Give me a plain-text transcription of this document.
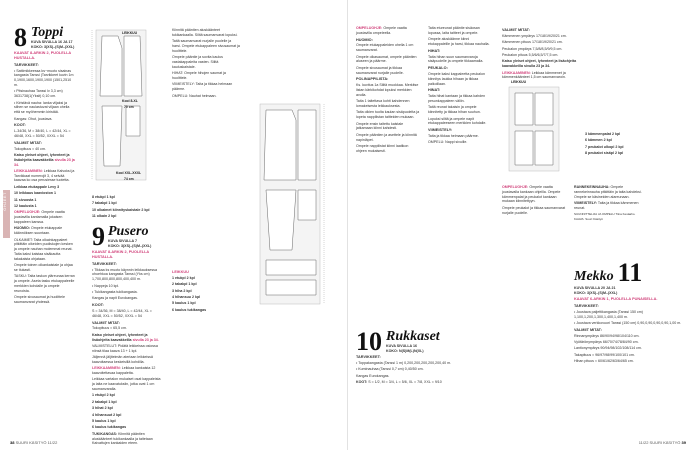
OHJEET
8 Toppi
KUVA SIVULLA 16 JA 17
KOKO: 3(XS)–(S)M–(XXL)
KAAVAT 8-ARKIN 2, PUOLELLA HUSTALLA.
TARVIKKEET:

• Sattimikkeessa ks−muoto sisainas kangasta Tanssi (Tarvikkeet kuvin 1m 0,1900,1600,1900,1900 (1501,2510 m.

• Pitsinauhaa Tanssi lv 3,3 cm) 3631738(1(Yksit) 0,10 cm.

• Kiristävä nauha: lanka viljaksi ja siihen se naulastuvat viljaan ohella että se myöhemmin kiristää.

Kangas: Ohut, joustava.

KOOT:

L-34/36, M = 38/40, L = 42/44, XL = 46/48, XXL = 50/52, XXXL = 54

VALMIIT MITAT:

Tokopituus ≈ 40 cm.

Katso yleiset ohjeet, lyhenteet ja lisäohjeita kaavakkeilla sivulla 23 ja 34.

LEIKKAAMINEN: Leikkaa Kalvoksi ja Tarvikkaat numerojit 3, 4 selvää kaavaa ko osa perusiesse tuotetta.

Leikkaa etukappale Levy 3

10 leikkaus kaavioston 1

11 sivuosta 1

12 kaulusta 1

OMPELUOHJE: Ompele vaatta joustavilla kantamalla jokaisen kappaleen kanssa.

HUOMIO: Ompele etukappale käännöksen suuntaan.

OLKAIMET: Taita olkainkappaleet pitkittäin oikeiden puoliskojen kesken ja ompele nauhan molemmat reunat. Taita kaksi kaistaa sisäkautta takakaista ohjataan.

Ompele toinen olkankaistale ja ohjaa se tiukasti.

TASKU: Taita taskun yläreunaa kerran ja ompele. Aseta tasku etukappaleelle merkkien kohdalle ja ompele reunoista.

Ompele sivusaumat ja huolittele saumanvarat yhdessä.

LEIKKUU
Kool 8-XL
70 cm
Kool XXL-XXXL
74 cm

8 etukpl 1 kpl

7 takakpl 1 kpl

10 olkaimet kiinnityskaistale 2 kpl

11 olkain 2 kpl

9 Pusero
KUVA SIVULLA 7
KOKO: 3(XS)–(S)M–(XXL)
KAAVAT 8-ARKIN 2, PUOLELLA HUSTALLA.
TARVIKKEET:

• Tikkaa ks muoto käynnin leikkauksessa ohuehkoa kangasta Tanssi (Yks cm) 1,700,800,800,800,400,400 m.

• Nappeja 10 kpl.

• Tukikangasta tukikangasta.

Kangas ja napit Eurokangas.

KOOT:

S = 34/36, M = 38/40, L = 42/44, XL = 46/48, XXL = 50/52, XXXL = 54

VALMIIT MITAT:

Tokopituus ≈ 65,5 cm.

Katso yleiset ohjeet, lyhenteet ja lisäohjeita kaavakkeilla sivulla 23 ja 34.

VALMISTELUT: Pidätä leikkeissa osiossa niinsä tilaa kaava 13 + 1 kpl.

Jäljennä jäljitelmän ateriaan leikkeissä kaavoitaessa keskeisillä kohdilla.

LEIKKAAMINEN: Leikkaa kankaista 12 kaavoitettavaa kappaletta.

Leikkaa vartalon mukaiset osat kappaleista ja laita ne kaavatuksiin, jotka ovat 1 cm saumanvaralla.

1 etukpl 2 kpl

2 takakpl 1 kpl

3 hihat 2 kpl

4 hihansuut 2 kpl

5 kaulus 1 kpl

6 kaulus tukikangas

TUKIKANGAS: Kiinnitä pääntien aluskäänteet tukikankaalla ja taitetaan Kaivattujen kankaiden eteen.

Kiinnitä pääntien aluskäänteet tukikankaalla. Silitä saumanvarat lopuksi.

Taitä saumanvarat nurjalle puolelle ja harsi. Ompele etukappaleen sivusaumat ja huolittele.

Ompele pääntie ja sovita kaulus vastakappaleita vasten. Silitä kauluskaistale.

HIHAT: Ompele hihojen saumat ja huolittele.

VIIMEISTELY: Taita ja tikkaa helmaan päärme.

OMPELU: Nauhat helmaan.

LEIKKUU

1 etukpl 2 kpl

2 takakpl 1 kpl

3 hiha 2 kpl

4 hihansuu 2 kpl

5 kaulus 1 kpl

6 kaulus tukikangas

38 SUURI KÄSITYÖ 11/22

OMPELUOHJE: Ompele vaatta joustavilla ompeleella.

HUOMIO:

Ompele etukappaleiden ohella 1 cm saumanvarat.

Ompele olkasaumat, ompele pääntien aluseen ja päärme.

Ompele sivusaumat ja tikkaa saumanvarat nurjalle puolelle.

POLINAPPILISTA:

Ks. kuvitus 1a Silitä muokkaa. Merkitse listan kärkikohdat lopuksi merkkien avulla.

Taita 1 taitettava kohti kahdennen lomakeisesta leikkauksesta.

Taita olkien tuolta kaulan sisäpuolelta ja lopeta nappilistan taitteiden mukaan.

Ompele ensin taitettu kaistale jatkamaan kiinni kahdesti.

Ompele pääntien ja asettele ja kiinnitä napinläpet.

Ompele nappilistat kiinni laatikon ohjeen mukaisesti.

Taita etureunat pääntie sisäosan lopussa, laita taitteet ja ompele.

Ompele aluskäänne kiinni etukappaleille ja harsi, tikkaa nauhalla.

HIHAT:

Taita hihan suun saumanvaroja sisäpuolelle ja ompele tikkaamalla.

PEUKALO:

Ompele kaksi kappaleetta peukalon kiinnitys laukka hihaan ja tikkaa paikoillaan.

HINAT:

Taita hihat kantaan ja tikkaa kahden pesunkappaleen väliin.

Taitä reunat takaisin ja ompele kiinnitetty ja tikkaa hihan suuhun.

Lopuksi silitä ja ompele napit etukappaleeseen merkkien kohdalle.

VIIMEISTELY:

Taita ja tikkaa helmaan päärme.

OMPELU: Nappi sivuille.

10 Rukkaset
KUVA SIVULLA 16
KOKO: N(S)M(L)N(XL)
TARVIKKEET:

• Toppakangasta (Tanssi 1 m) 0,200,200,200,200,200,40 m.

• Kuminauhaa (Tanssi 0,7 cm) 0,40/50 cm.

Kangas Eurokangas.

KOOT: S = 1/2, M = 3/4, L = 5/6, XL = 7/8, XXL = 9/10

VALMIIT MITAT:

Kämmenen ympärys 17/18/19/20/21 cm.

Kämmenen pituus 17/18/19/20/21 cm.

Peukalon ympärys 7,5/8/8,5/9/9,5 cm.

Peukalon pituus 5,5/6/6,5/7/7,5 cm.

Katso yleiset ohjeet, lyhenteet ja lisäohjeita kaavakkeilla sivulla 23 ja 34.

LEIKKAAMINEN: Leikkaa kämmenet ja kämmenkäänteet 1,5 cm saumanvaroin.

LEIKKUU

3 kämmenpalat 2 kpl

6 kämmen 2 kpl

7 peukalot ulkopl 2 kpl

8 peukalot sisäpl 2 kpl

OMPELUOHJE: Ompele vaatta joustavalla kankaan ohjeilla. Ompele kämmenpalat ja peukalot kankaan mukaan kiinnitettyyn.

Ompele peukalot ja tikkaa saumanvarat nurjalle puolelle.

RANNEKEINNAUHA: Ompele rannekeinnauha pitkittäin ja taita kahdeksi. Ompele se käsineiden alareunaan.

VIIMEISTELY: Taita ja tikkaa kämmenen reunat.

SUUNNITTELIJA JA OMPELU Tiina Kesäaho. KAAVA: Suuri Käsityö

Mekko 11
KUVA SIVULLA 20 JA 21
KOKO: 3(XS)–(S)M–(XXL)
KAAVAT 6-ARKIN 1, PUOLELLA PUNAISELLA.
TARVIKKEET:

• Joustava paljettikangasta (Tanssi 150 cm) 1,100,1,200,1,300,1,400,1,400 m.

• Joustava verkkovuori Tanssi (150 cm) 0,90,0,90,0,90,0,90,1,00 m.

VALMIIT MITAT:

Rinnanympärys 86/90/94/98/104/110 cm.

Vyötärönympärys 66/70/74/78/84/90 cm.

Lantionympärys 90/94/98/102/108/114 cm.

Takapituus ≈ 96/97/98/99/100/101 cm.

Hihan pituus ≈ 60/61/62/63/64/65 cm.

11/22 SUURI KÄSITYÖ 39
